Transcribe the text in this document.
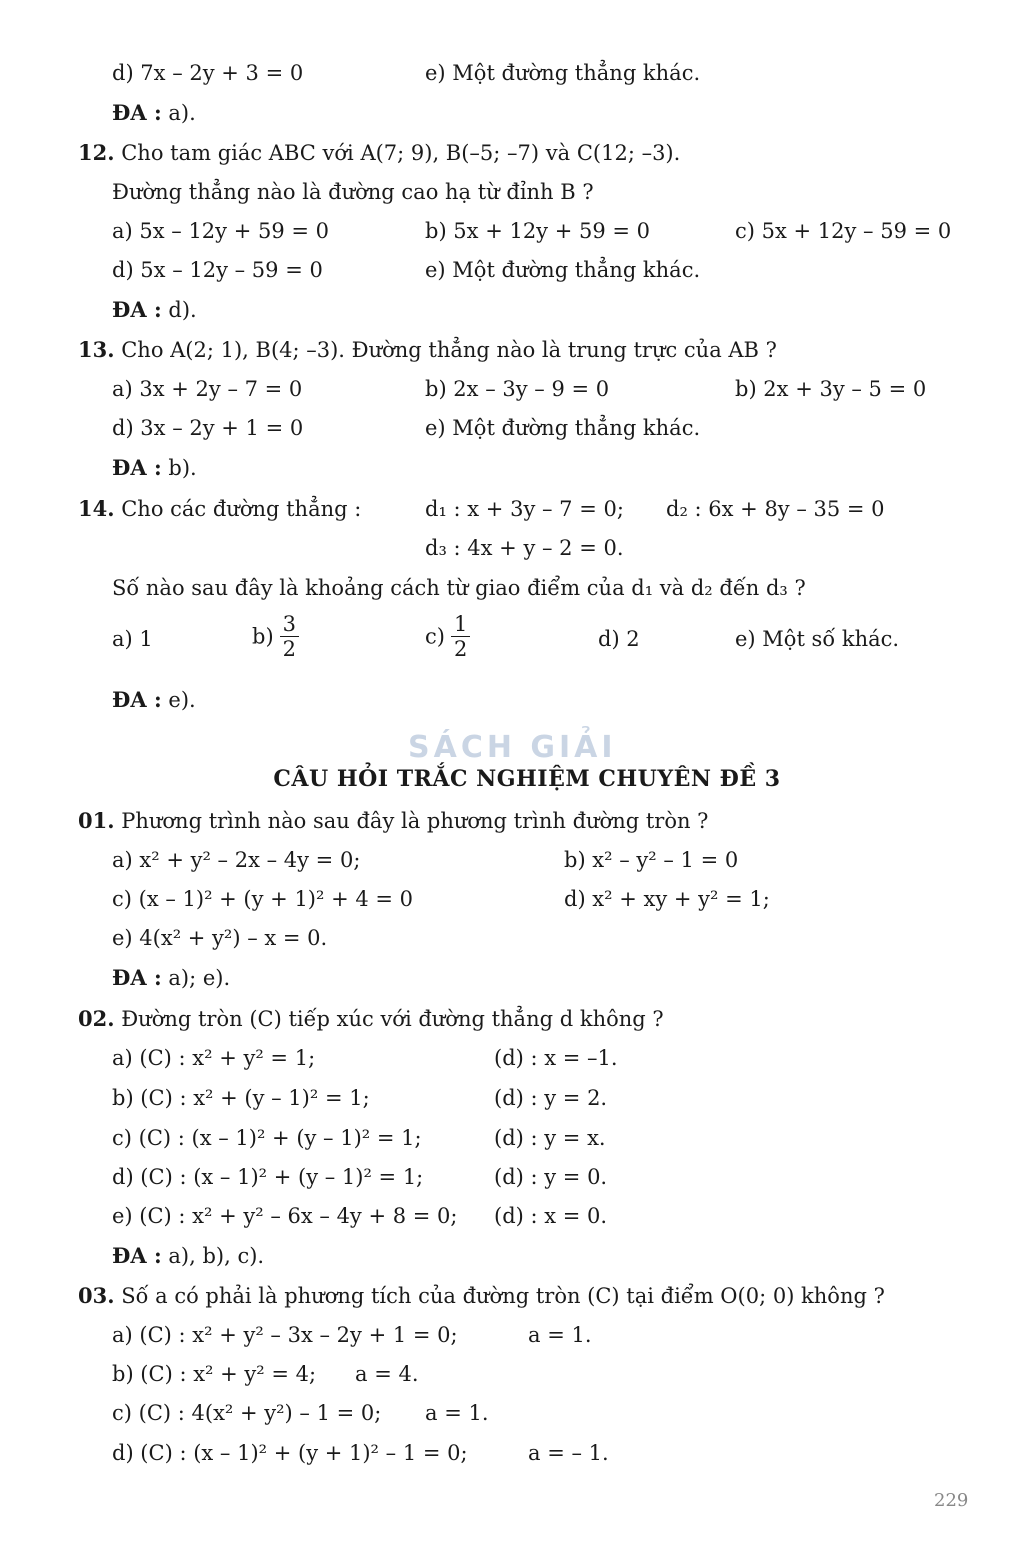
d) 7x – 2y + 3 = 0	e) Một đường thẳng khác.
ĐA : a).
12. Cho tam giác ABC với A(7; 9), B(–5; –7) và C(12; –3).
Đường thẳng nào là đường cao hạ từ đỉnh B ?
a) 5x – 12y + 59 = 0	b) 5x + 12y + 59 = 0	c) 5x + 12y – 59 = 0
d) 5x – 12y – 59 = 0	e) Một đường thẳng khác.
ĐA : d).
13. Cho A(2; 1), B(4; –3). Đường thẳng nào là trung trực của AB ?
a) 3x + 2y – 7 = 0	b) 2x – 3y – 9 = 0	b) 2x + 3y – 5 = 0
d) 3x – 2y + 1 = 0	e) Một đường thẳng khác.
ĐA : b).
14. Cho các đường thẳng :	d₁ : x + 3y – 7 = 0; d₂ : 6x + 8y – 35 = 0
d₃ : 4x + y – 2 = 0.
Số nào sau đây là khoảng cách từ giao điểm của d₁ và d₂ đến d₃ ?
a) 1	$b) \frac{3}{2}$	$c) \frac{1}{2}$	d) 2	e) Một số khác.
ĐA : e).
SÁCH GIẢI
CÂU HỎI TRẮC NGHIỆM CHUYÊN ĐỀ 3
01. Phương trình nào sau đây là phương trình đường tròn ?
a) x² + y² – 2x – 4y = 0;	b) x² – y² – 1 = 0
c) (x – 1)² + (y + 1)² + 4 = 0	d) x² + xy + y² = 1;
e) 4(x² + y²) – x = 0.
ĐA : a); e).
02. Đường tròn (C) tiếp xúc với đường thẳng d không ?
a) (C) : x² + y² = 1;	(d) : x = –1.
b) (C) : x² + (y – 1)² = 1;	(d) : y = 2.
c) (C) : (x – 1)² + (y – 1)² = 1;	(d) : y = x.
d) (C) : (x – 1)² + (y – 1)² = 1;	(d) : y = 0.
e) (C) : x² + y² – 6x – 4y + 8 = 0; (d) : x = 0.
ĐA : a), b), c).
03. Số a có phải là phương tích của đường tròn (C) tại điểm O(0; 0) không ?
a) (C) : x² + y² – 3x – 2y + 1 = 0;	a = 1.
b) (C) : x² + y² = 4; a = 4.
c) (C) : 4(x² + y²) – 1 = 0; a = 1.
d) (C) : (x – 1)² + (y + 1)² – 1 = 0;	a = – 1.
229
